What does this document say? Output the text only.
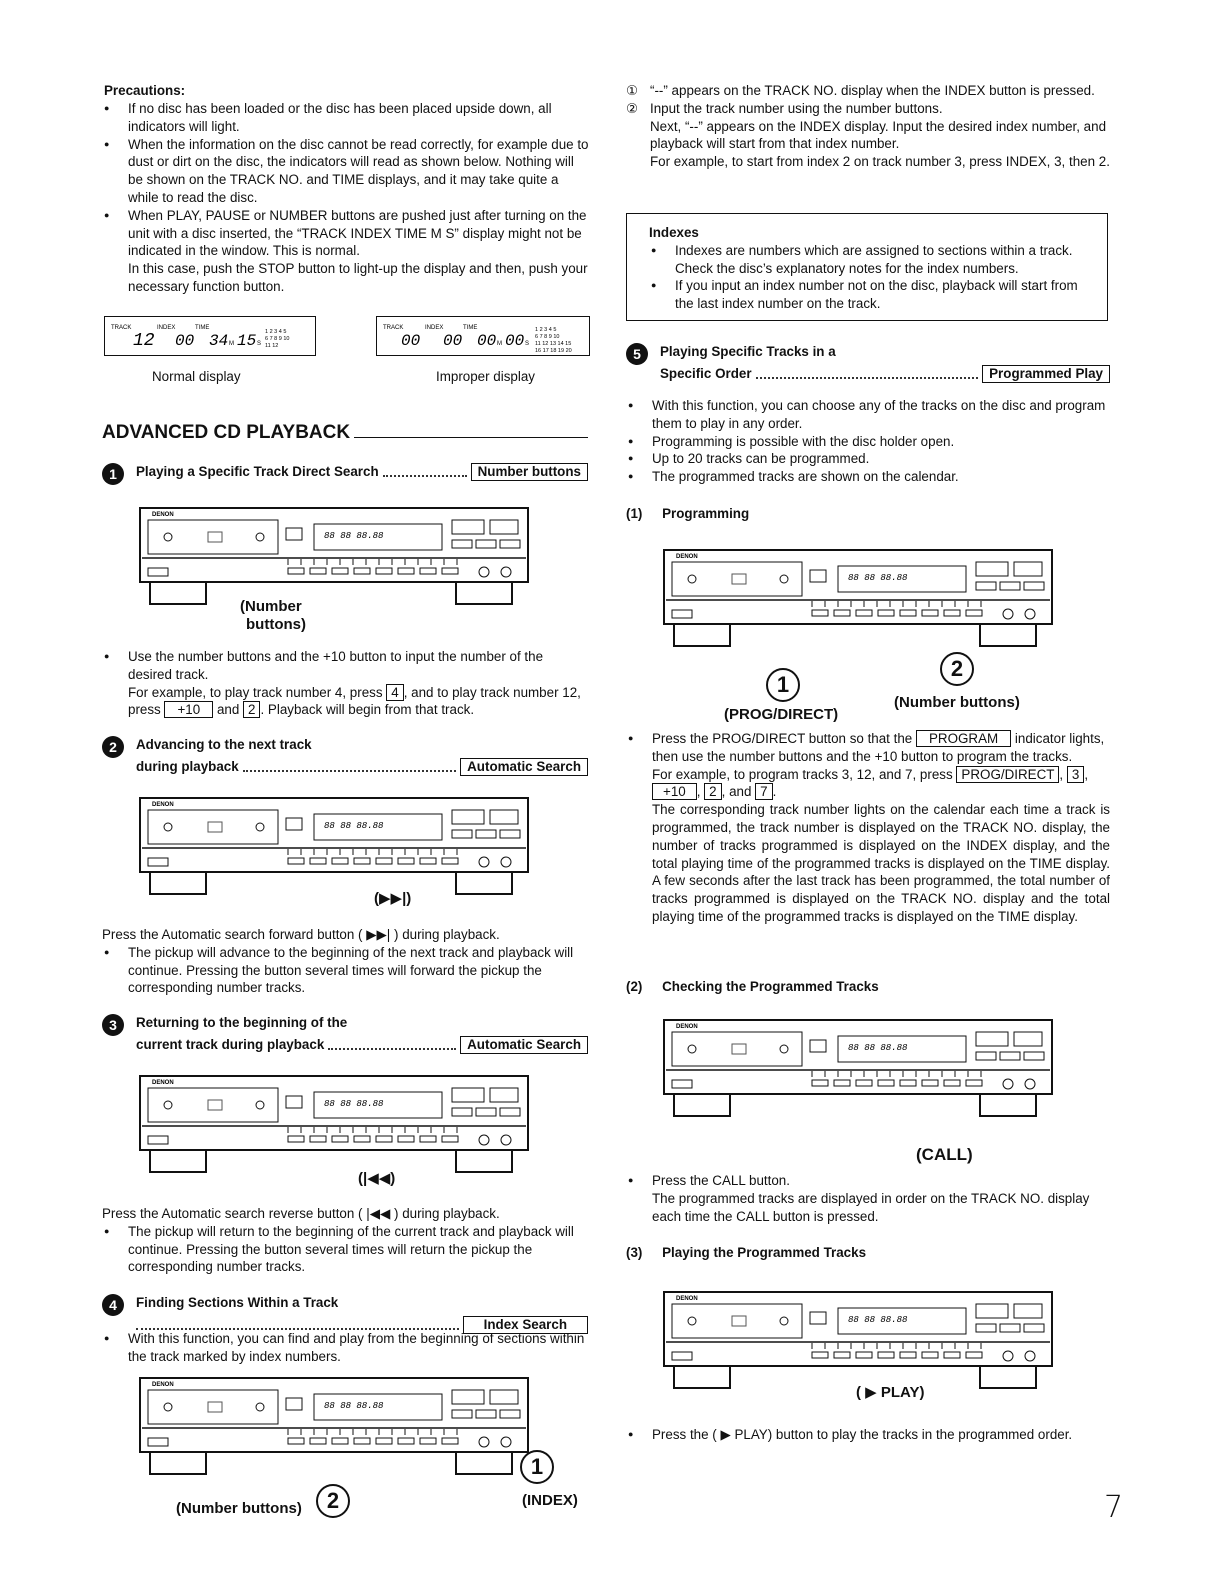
Precautions:

● If no disc has been loaded or the disc has been placed upside down, all indicators will light.

● When the information on the disc cannot be read correctly, for example due to dust or dirt on the disc, the indicators will read as shown below. Nothing will be shown on the TRACK NO. and TIME displays, and it may take quite a while to read the disc.

● When PLAY, PAUSE or NUMBER buttons are pushed just after turning on the unit with a disc inserted, the “TRACK INDEX TIME M S” display might not be indicated in the window. This is normal.

In this case, push the STOP button to light-up the display and then, push your necessary function button.

TRACK
12
INDEX
00
TIME
34 M 15 S
1 2 3 4 5
6 7 8 9 10
11 12
TRACK
00
INDEX
00
TIME
00 M 00 S
1 2 3 4 5
6 7 8 9 10
11 12 13 14 15
16 17 18 19 20

Normal display	Improper display

ADVANCED CD PLAYBACK
1	Playing a Specific Track Direct Search	Number buttons
DENON
88 88 88.88

(Number

buttons)

● Use the number buttons and the +10 button to input the number of the desired track.

For example, to play track number 4, press 4 , and to play track number 12, press +10 and 2 . Playback will begin from that track.

2	Advancing to the next track
during playback	Automatic Search
DENON
88 88 88.88

(▶▶|)

Press the Automatic search forward button ( ▶▶| ) during playback.

● The pickup will advance to the beginning of the next track and playback will continue. Pressing the button several times will forward the pickup the corresponding number tracks.

3	Returning to the beginning of the
current track during playback	Automatic Search
DENON
88 88 88.88

(|◀◀)

Press the Automatic search reverse button ( |◀◀ ) during playback.

● The pickup will return to the beginning of the current track and playback will continue. Pressing the button several times will return the pickup the corresponding number tracks.

4	Finding Sections Within a Track
Index Search

● With this function, you can find and play from the beginning of sections within the track marked by index numbers.

DENON
88 88 88.88
2
1

(Number buttons)	(INDEX)

① “--” appears on the TRACK NO. display when the INDEX button is pressed.

② Input the track number using the number buttons.

Next, “--” appears on the INDEX display. Input the desired index number, and playback will start from that index number.

For example, to start from index 2 on track number 3, press INDEX, 3, then 2.

Indexes

● Indexes are numbers which are assigned to sections within a track. Check the disc’s explanatory notes for the index numbers.

● If you input an index number not on the disc, playback will start from the last index number on the track.

5	Playing Specific Tracks in a
Specific Order	Programmed Play

● With this function, you can choose any of the tracks on the disc and program them to play in any order.

● Programming is possible with the disc holder open.

● Up to 20 tracks can be programmed.

● The programmed tracks are shown on the calendar.

(1) Programming
DENON
88 88 88.88
1
2

(PROG/DIRECT)

(Number buttons)

● Press the PROG/DIRECT button so that the PROGRAM indicator lights, then use the number buttons and the +10 button to program the tracks.

For example, to program tracks 3, 12, and 7, press PROG/DIRECT , 3 , +10 , 2 , and 7 .

The corresponding track number lights on the calendar each time a track is programmed, the track number is displayed on the TRACK NO. display, the number of tracks programmed is displayed on the INDEX display, and the total playing time of the programmed tracks is displayed on the TIME display. A few seconds after the last track has been programmed, the total number of tracks programmed is displayed on the TRACK NO. display and the total playing time of the programmed tracks is displayed on the TIME display.

(2) Checking the Programmed Tracks
DENON
88 88 88.88

(CALL)

● Press the CALL button.

The programmed tracks are displayed in order on the TRACK NO. display each time the CALL button is pressed.

(3) Playing the Programmed Tracks
DENON
88 88 88.88

( ▶ PLAY)

● Press the ( ▶ PLAY) button to play the tracks in the programmed order.

7
